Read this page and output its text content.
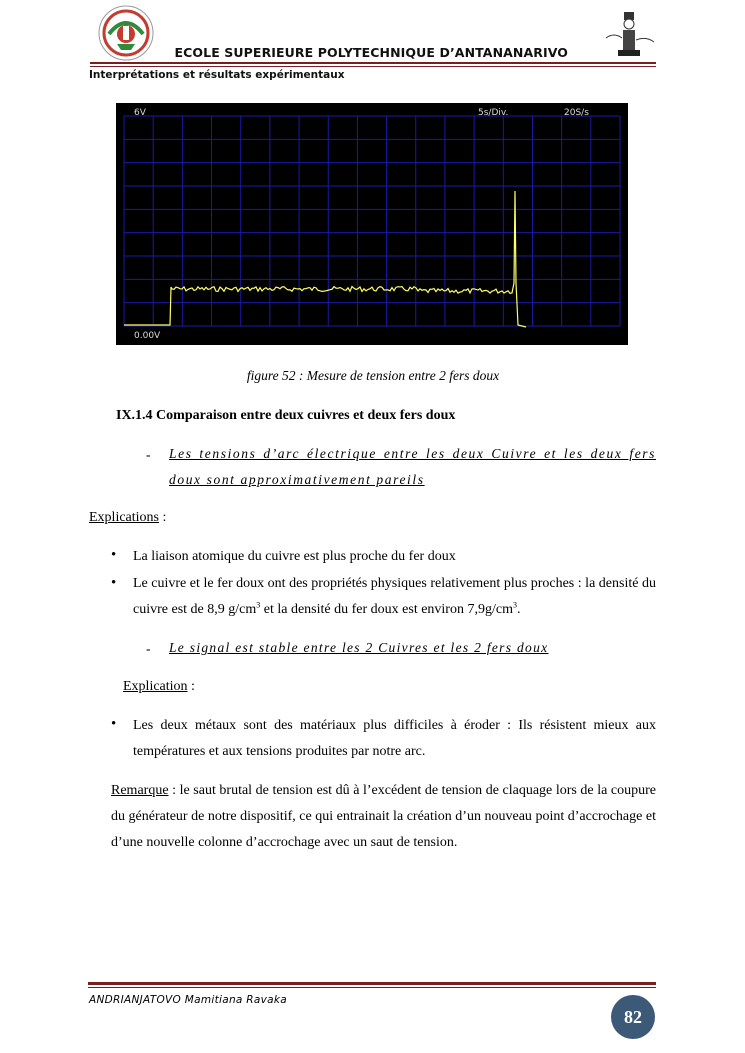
ECOLE SUPERIEURE POLYTECHNIQUE D’ANTANANARIVO
Interprétations et résultats expérimentaux
6V	5s/Div.	20S/s
0.00V
figure 52 : Mesure de tension entre 2 fers doux
IX.1.4 Comparaison entre deux cuivres et deux fers doux
- Les tensions d’arc électrique entre les deux Cuivre et les deux fers doux sont approximativement pareils
Explications :
• La liaison atomique du cuivre est plus proche du fer doux
• Le cuivre et le fer doux ont des propriétés physiques relativement plus proches : la densité du cuivre est de 8,9 $g/cm^3$ et la densité du fer doux est environ $7,9g/cm^3$.
- Le signal est stable entre les 2 Cuivres et les 2 fers doux
Explication :
• Les deux métaux sont des matériaux plus difficiles à éroder : Ils résistent mieux aux températures et aux tensions produites par notre arc.
Remarque : le saut brutal de tension est dû à l’excédent de tension de claquage lors de la coupure du générateur de notre dispositif, ce qui entrainait la création d’un nouveau point d’accrochage et d’une nouvelle colonne d’accrochage avec un saut de tension.
ANDRIANJATOVO Mamitiana Ravaka
82
